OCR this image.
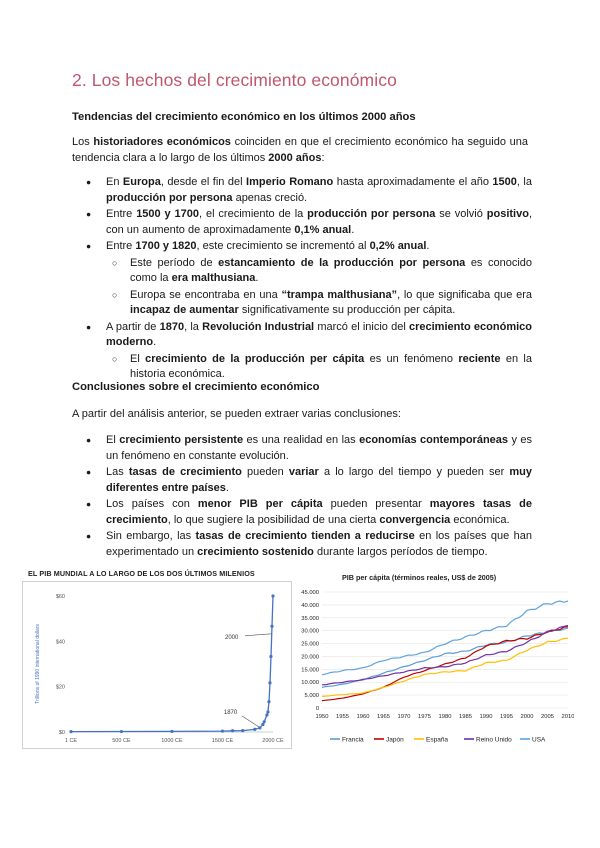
2. Los hechos del crecimiento económico
Tendencias del crecimiento económico en los últimos 2000 años

Los historiadores económicos coinciden en que el crecimiento económico ha seguido una tendencia clara a lo largo de los últimos 2000 años:

● En Europa, desde el fin del Imperio Romano hasta aproximadamente el año 1500, la producción por persona apenas creció.
● Entre 1500 y 1700, el crecimiento de la producción por persona se volvió positivo, con un aumento de aproximadamente 0,1% anual.
● Entre 1700 y 1820, este crecimiento se incrementó al 0,2% anual.
○ Este período de estancamiento de la producción por persona es conocido como la era malthusiana.
○ Europa se encontraba en una “trampa malthusiana”, lo que significaba que era incapaz de aumentar significativamente su producción per cápita.
● A partir de 1870, la Revolución Industrial marcó el inicio del crecimiento económico moderno.
○ El crecimiento de la producción per cápita es un fenómeno reciente en la historia económica.
Conclusiones sobre el crecimiento económico

A partir del análisis anterior, se pueden extraer varias conclusiones:

● El crecimiento persistente es una realidad en las economías contemporáneas y es un fenómeno en constante evolución.
● Las tasas de crecimiento pueden variar a lo largo del tiempo y pueden ser muy diferentes entre países.
● Los países con menor PIB per cápita pueden presentar mayores tasas de crecimiento, lo que sugiere la posibilidad de una cierta convergencia económica.
● Sin embargo, las tasas de crecimiento tienden a reducirse en los países que han experimentado un crecimiento sostenido durante largos períodos de tiempo.
EL PIB MUNDIAL A LO LARGO DE LOS DOS ÚLTIMOS MILENIOS
$0
$20
$40
$60
Trillions of 1990 international dollars
1 CE	500 CE	1000 CE	1500 CE	2000 CE
1870
2000
PIB per cápita (términos reales, US$ de 2005)
0
5.000
10.000
15.000
20.000
25.000
30.000
35.000
40.000
45.000
1950 1955 1960 1965 1970 1975 1980 1985 1990 1995 2000 2005 2010
Francia	Japón	España	Reino Unido	USA
